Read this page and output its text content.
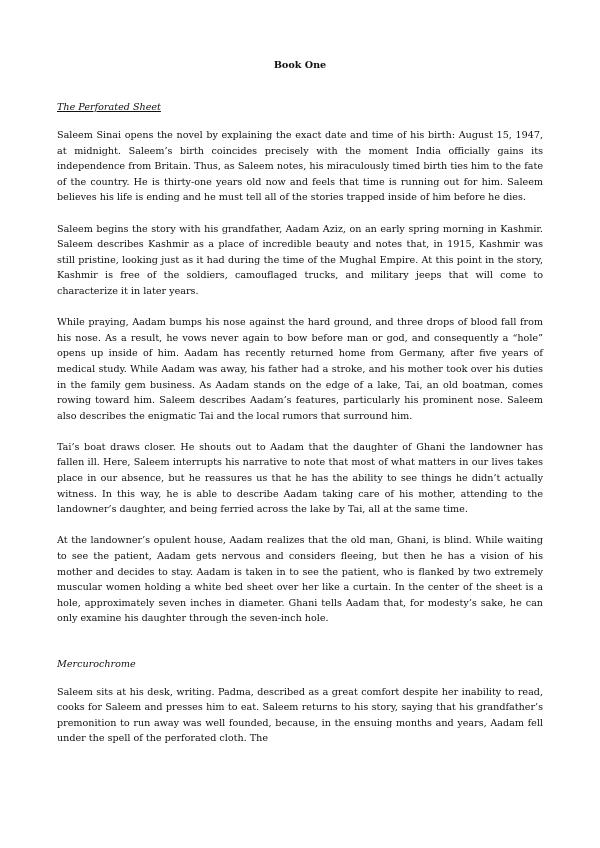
Book One
The Perforated Sheet

Saleem Sinai opens the novel by explaining the exact date and time of his birth: August 15, 1947, at midnight. Saleem’s birth coincides precisely with the moment India officially gains its independence from Britain. Thus, as Saleem notes, his miraculously timed birth ties him to the fate of the country. He is thirty-one years old now and feels that time is running out for him. Saleem believes his life is ending and he must tell all of the stories trapped inside of him before he dies.

Saleem begins the story with his grandfather, Aadam Aziz, on an early spring morning in Kashmir. Saleem describes Kashmir as a place of incredible beauty and notes that, in 1915, Kashmir was still pristine, looking just as it had during the time of the Mughal Empire. At this point in the story, Kashmir is free of the soldiers, camouflaged trucks, and military jeeps that will come to characterize it in later years.

While praying, Aadam bumps his nose against the hard ground, and three drops of blood fall from his nose. As a result, he vows never again to bow before man or god, and consequently a “hole” opens up inside of him. Aadam has recently returned home from Germany, after five years of medical study. While Aadam was away, his father had a stroke, and his mother took over his duties in the family gem business. As Aadam stands on the edge of a lake, Tai, an old boatman, comes rowing toward him. Saleem describes Aadam’s features, particularly his prominent nose. Saleem also describes the enigmatic Tai and the local rumors that surround him.

Tai’s boat draws closer. He shouts out to Aadam that the daughter of Ghani the landowner has fallen ill. Here, Saleem interrupts his narrative to note that most of what matters in our lives takes place in our absence, but he reassures us that he has the ability to see things he didn’t actually witness. In this way, he is able to describe Aadam taking care of his mother, attending to the landowner’s daughter, and being ferried across the lake by Tai, all at the same time.

At the landowner’s opulent house, Aadam realizes that the old man, Ghani, is blind. While waiting to see the patient, Aadam gets nervous and considers fleeing, but then he has a vision of his mother and decides to stay. Aadam is taken in to see the patient, who is flanked by two extremely muscular women holding a white bed sheet over her like a curtain. In the center of the sheet is a hole, approximately seven inches in diameter. Ghani tells Aadam that, for modesty’s sake, he can only examine his daughter through the seven-inch hole.

Mercurochrome

Saleem sits at his desk, writing. Padma, described as a great comfort despite her inability to read, cooks for Saleem and presses him to eat. Saleem returns to his story, saying that his grandfather’s premonition to run away was well founded, because, in the ensuing months and years, Aadam fell under the spell of the perforated cloth. The
